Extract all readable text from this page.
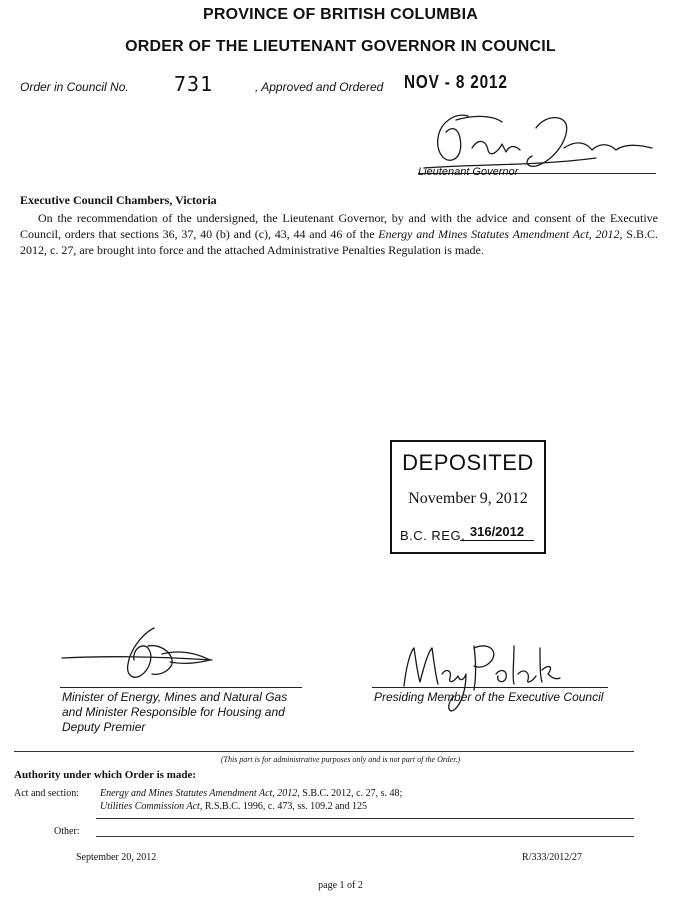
PROVINCE OF BRITISH COLUMBIA
ORDER OF THE LIEUTENANT GOVERNOR IN COUNCIL
Order in Council No. 731	, Approved and Ordered NOV - 8 2012
Lieutenant Governor
Executive Council Chambers, Victoria
On the recommendation of the undersigned, the Lieutenant Governor, by and with the advice and consent of the Executive Council, orders that sections 36, 37, 40 (b) and (c), 43, 44 and 46 of the Energy and Mines Statutes Amendment Act, 2012, S.B.C. 2012, c. 27, are brought into force and the attached Administrative Penalties Regulation is made.
DEPOSITED
November 9, 2012
B.C. REG. 316/2012
Minister of Energy, Mines and Natural Gas
and Minister Responsible for Housing and
Deputy Premier
Presiding Member of the Executive Council
(This part is for administrative purposes only and is not part of the Order.)
Authority under which Order is made:
Act and section: Energy and Mines Statutes Amendment Act, 2012, S.B.C. 2012, c. 27, s. 48;
Utilities Commission Act, R.S.B.C. 1996, c. 473, ss. 109.2 and 125
Other:
September 20, 2012	R/333/2012/27
page 1 of 2
